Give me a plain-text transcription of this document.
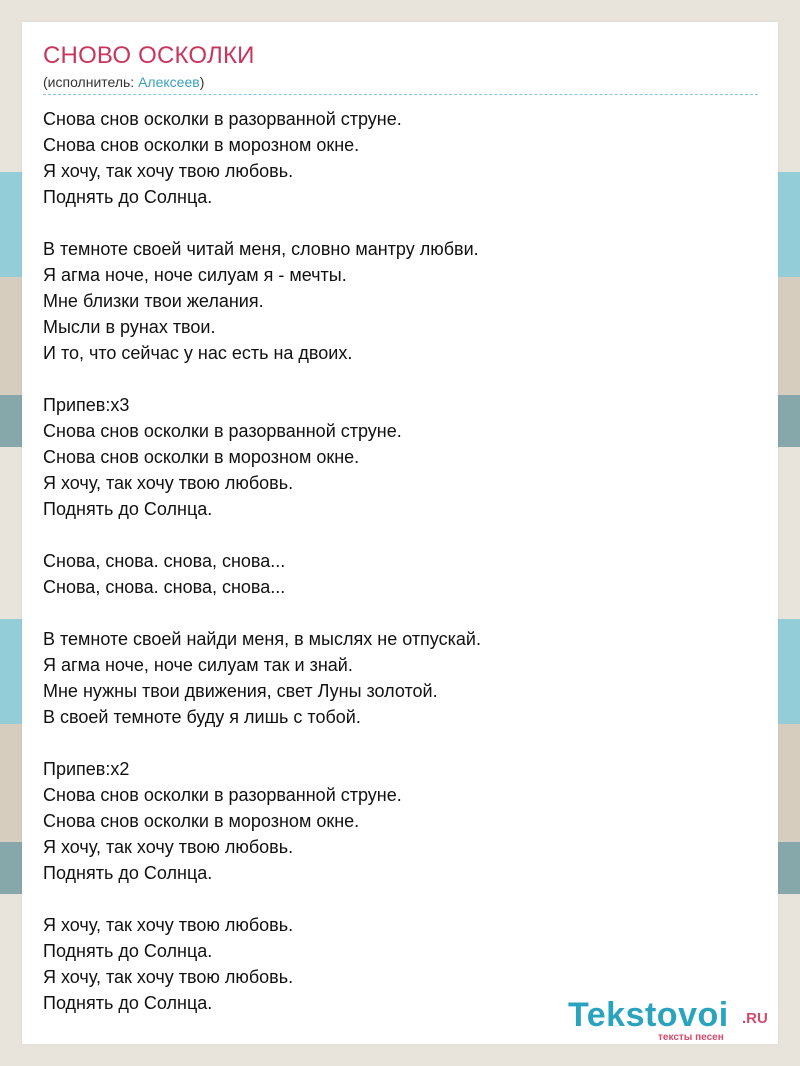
СНОВО ОСКОЛКИ
(исполнитель: Алексеев)
Снова снов осколки в разорванной струне.
Снова снов осколки в морозном окне.
Я хочу, так хочу твою любовь.
Поднять до Солнца.
В темноте своей читай меня, словно мантру любви.
Я агма ноче, ноче силуам я - мечты.
Мне близки твои желания.
Мысли в рунах твои.
И то, что сейчас у нас есть на двоих.
Припев:x3
Снова снов осколки в разорванной струне.
Снова снов осколки в морозном окне.
Я хочу, так хочу твою любовь.
Поднять до Солнца.
Снова, снова. снова, снова...
Снова, снова. снова, снова...
В темноте своей найди меня, в мыслях не отпускай.
Я агма ноче, ноче силуам так и знай.
Мне нужны твои движения, свет Луны золотой.
В своей темноте буду я лишь с тобой.
Припев:x2
Снова снов осколки в разорванной струне.
Снова снов осколки в морозном окне.
Я хочу, так хочу твою любовь.
Поднять до Солнца.
Я хочу, так хочу твою любовь.
Поднять до Солнца.
Я хочу, так хочу твою любовь.
Поднять до Солнца.	Tekstovoi .RU
тексты песен
